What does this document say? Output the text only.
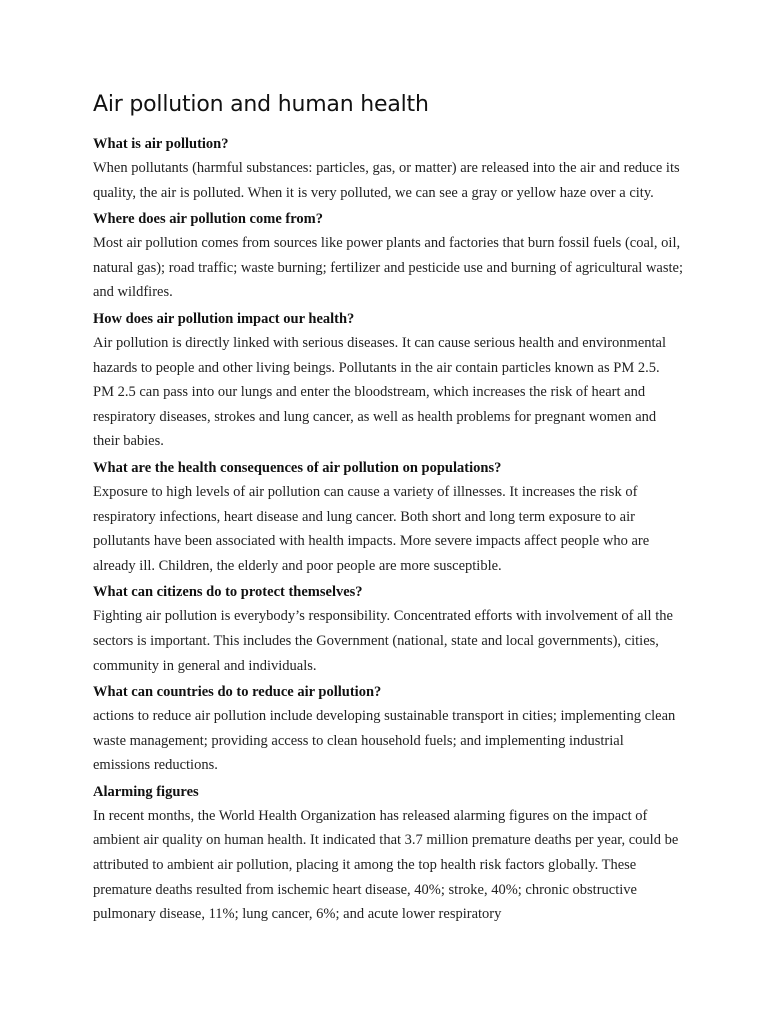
Air pollution and human health
What is air pollution?

When pollutants (harmful substances: particles, gas, or matter) are released into the air and reduce its quality, the air is polluted. When it is very polluted, we can see a gray or yellow haze over a city.

Where does air pollution come from?

Most air pollution comes from sources like power plants and factories that burn fossil fuels (coal, oil, natural gas); road traffic; waste burning; fertilizer and pesticide use and burning of agricultural waste; and wildfires.

How does air pollution impact our health?

Air pollution is directly linked with serious diseases. It can cause serious health and environmental hazards to people and other living beings. Pollutants in the air contain particles known as PM 2.5. PM 2.5 can pass into our lungs and enter the bloodstream, which increases the risk of heart and respiratory diseases, strokes and lung cancer, as well as health problems for pregnant women and their babies.

What are the health consequences of air pollution on populations?

Exposure to high levels of air pollution can cause a variety of illnesses. It increases the risk of respiratory infections, heart disease and lung cancer. Both short and long term exposure to air pollutants have been associated with health impacts. More severe impacts affect people who are already ill. Children, the elderly and poor people are more susceptible.

What can citizens do to protect themselves?

Fighting air pollution is everybody’s responsibility. Concentrated efforts with involvement of all the sectors is important. This includes the Government (national, state and local governments), cities, community in general and individuals.

What can countries do to reduce air pollution?

actions to reduce air pollution include developing sustainable transport in cities; implementing clean waste management; providing access to clean household fuels; and implementing industrial emissions reductions.

Alarming figures

In recent months, the World Health Organization has released alarming figures on the impact of ambient air quality on human health. It indicated that 3.7 million premature deaths per year, could be attributed to ambient air pollution, placing it among the top health risk factors globally. These premature deaths resulted from ischemic heart disease, 40%; stroke, 40%; chronic obstructive pulmonary disease, 11%; lung cancer, 6%; and acute lower respiratory
